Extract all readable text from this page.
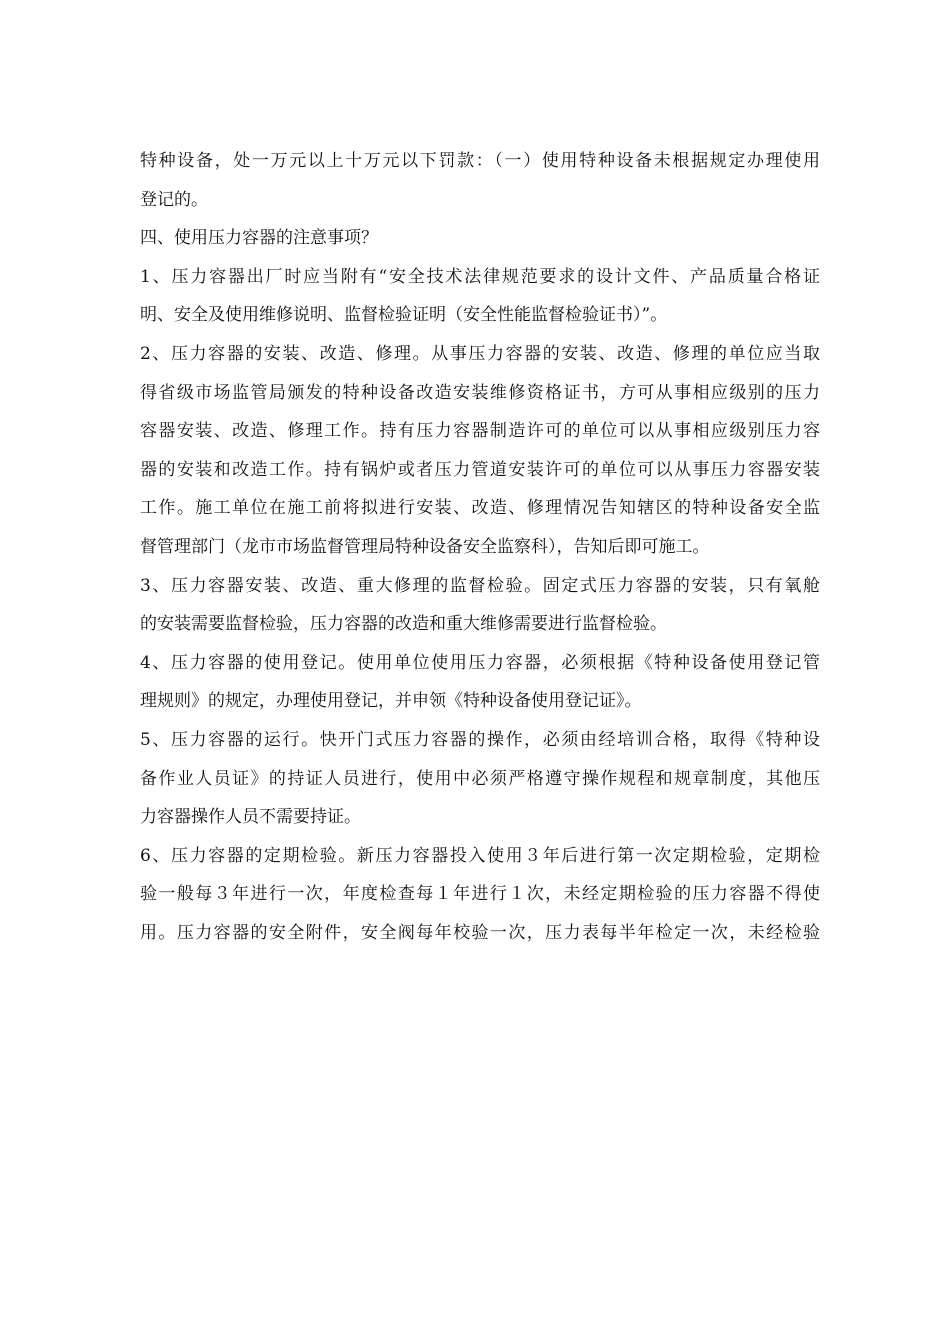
特种设备，处一万元以上十万元以下罚款：（一）使用特种设备未根据规定办理使用
登记的。
四、使用压力容器的注意事项？
1、压力容器出厂时应当附有“安全技术法律规范要求的设计文件、产品质量合格证
明、安全及使用维修说明、监督检验证明（安全性能监督检验证书）”。
2、压力容器的安装、改造、修理。从事压力容器的安装、改造、修理的单位应当取
得省级市场监管局颁发的特种设备改造安装维修资格证书，方可从事相应级别的压力
容器安装、改造、修理工作。持有压力容器制造许可的单位可以从事相应级别压力容
器的安装和改造工作。持有锅炉或者压力管道安装许可的单位可以从事压力容器安装
工作。施工单位在施工前将拟进行安装、改造、修理情况告知辖区的特种设备安全监
督管理部门（龙市市场监督管理局特种设备安全监察科），告知后即可施工。
3、压力容器安装、改造、重大修理的监督检验。固定式压力容器的安装，只有氧舱
的安装需要监督检验，压力容器的改造和重大维修需要进行监督检验。
4、压力容器的使用登记。使用单位使用压力容器，必须根据《特种设备使用登记管
理规则》的规定，办理使用登记，并申领《特种设备使用登记证》。
5、压力容器的运行。快开门式压力容器的操作，必须由经培训合格，取得《特种设
备作业人员证》的持证人员进行，使用中必须严格遵守操作规程和规章制度，其他压
力容器操作人员不需要持证。
6、压力容器的定期检验。新压力容器投入使用３年后进行第一次定期检验，定期检
验一般每３年进行一次，年度检查每１年进行１次，未经定期检验的压力容器不得使
用。压力容器的安全附件，安全阀每年校验一次，压力表每半年检定一次，未经检验
